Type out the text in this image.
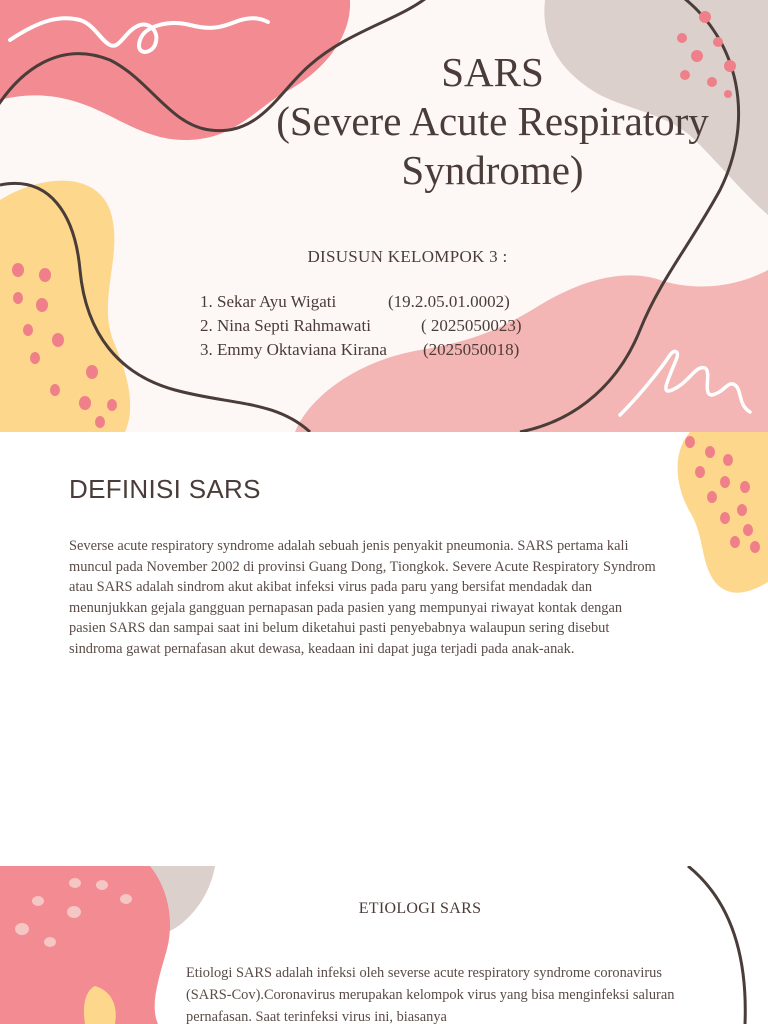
SARS
(Severe Acute Respiratory
Syndrome)
DISUSUN KELOMPOK 3 :
1. Sekar Ayu Wigati	(19.2.05.01.0002)
2. Nina Septi Rahmawati	( 2025050023)
3. Emmy Oktaviana Kirana (2025050018)
DEFINISI SARS
Severse acute respiratory syndrome adalah sebuah jenis penyakit pneumonia. SARS pertama kali muncul pada November 2002 di provinsi Guang Dong, Tiongkok. Severe Acute Respiratory Syndrom atau SARS adalah sindrom akut akibat infeksi virus pada paru yang bersifat mendadak dan menunjukkan gejala gangguan pernapasan pada pasien yang mempunyai riwayat kontak dengan pasien SARS dan sampai saat ini belum diketahui pasti penyebabnya walaupun sering disebut sindroma gawat pernafasan akut dewasa, keadaan ini dapat juga terjadi pada anak-anak.
ETIOLOGI SARS
Etiologi SARS adalah infeksi oleh severse acute respiratory syndrome coronavirus (SARS-Cov).Coronavirus merupakan kelompok virus yang bisa menginfeksi saluran pernafasan. Saat terinfeksi virus ini, biasanya
